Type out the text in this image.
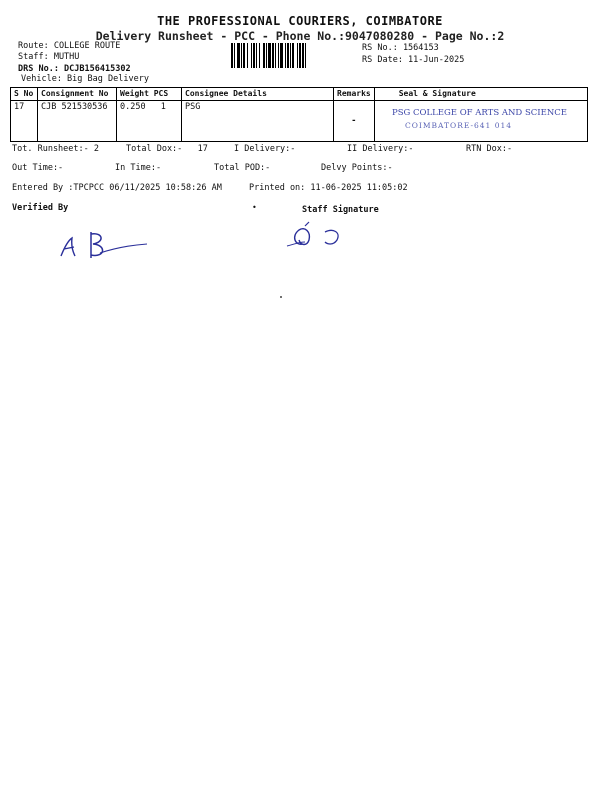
THE PROFESSIONAL COURIERS, COIMBATORE
Delivery Runsheet - PCC - Phone No.:9047080280 - Page No.:2
Route: COLLEGE ROUTE
Staff: MUTHU
DRS No.: DCJB156415302
Vehicle: Big Bag Delivery
RS No.: 1564153
RS Date: 11-Jun-2025
S No	Consignment No	Weight PCS	Consignee Details	Remarks	Seal & Signature
17	CJB 521530536	0.250 1	PSG	-	

PSG COLLEGE OF ARTS AND SCIENCE
COIMBATORE-641 014
Tot. Runsheet:- 2	Total Dox:-   17	I Delivery:-	II Delivery:-	RTN Dox:-
Out Time:-	In Time:-	Total POD:-	Delvy Points:-
Entered By :TPCPCC 06/11/2025 10:58:26 AM	Printed on: 11-06-2025 11:05:02
Verified By	•	Staff Signature
